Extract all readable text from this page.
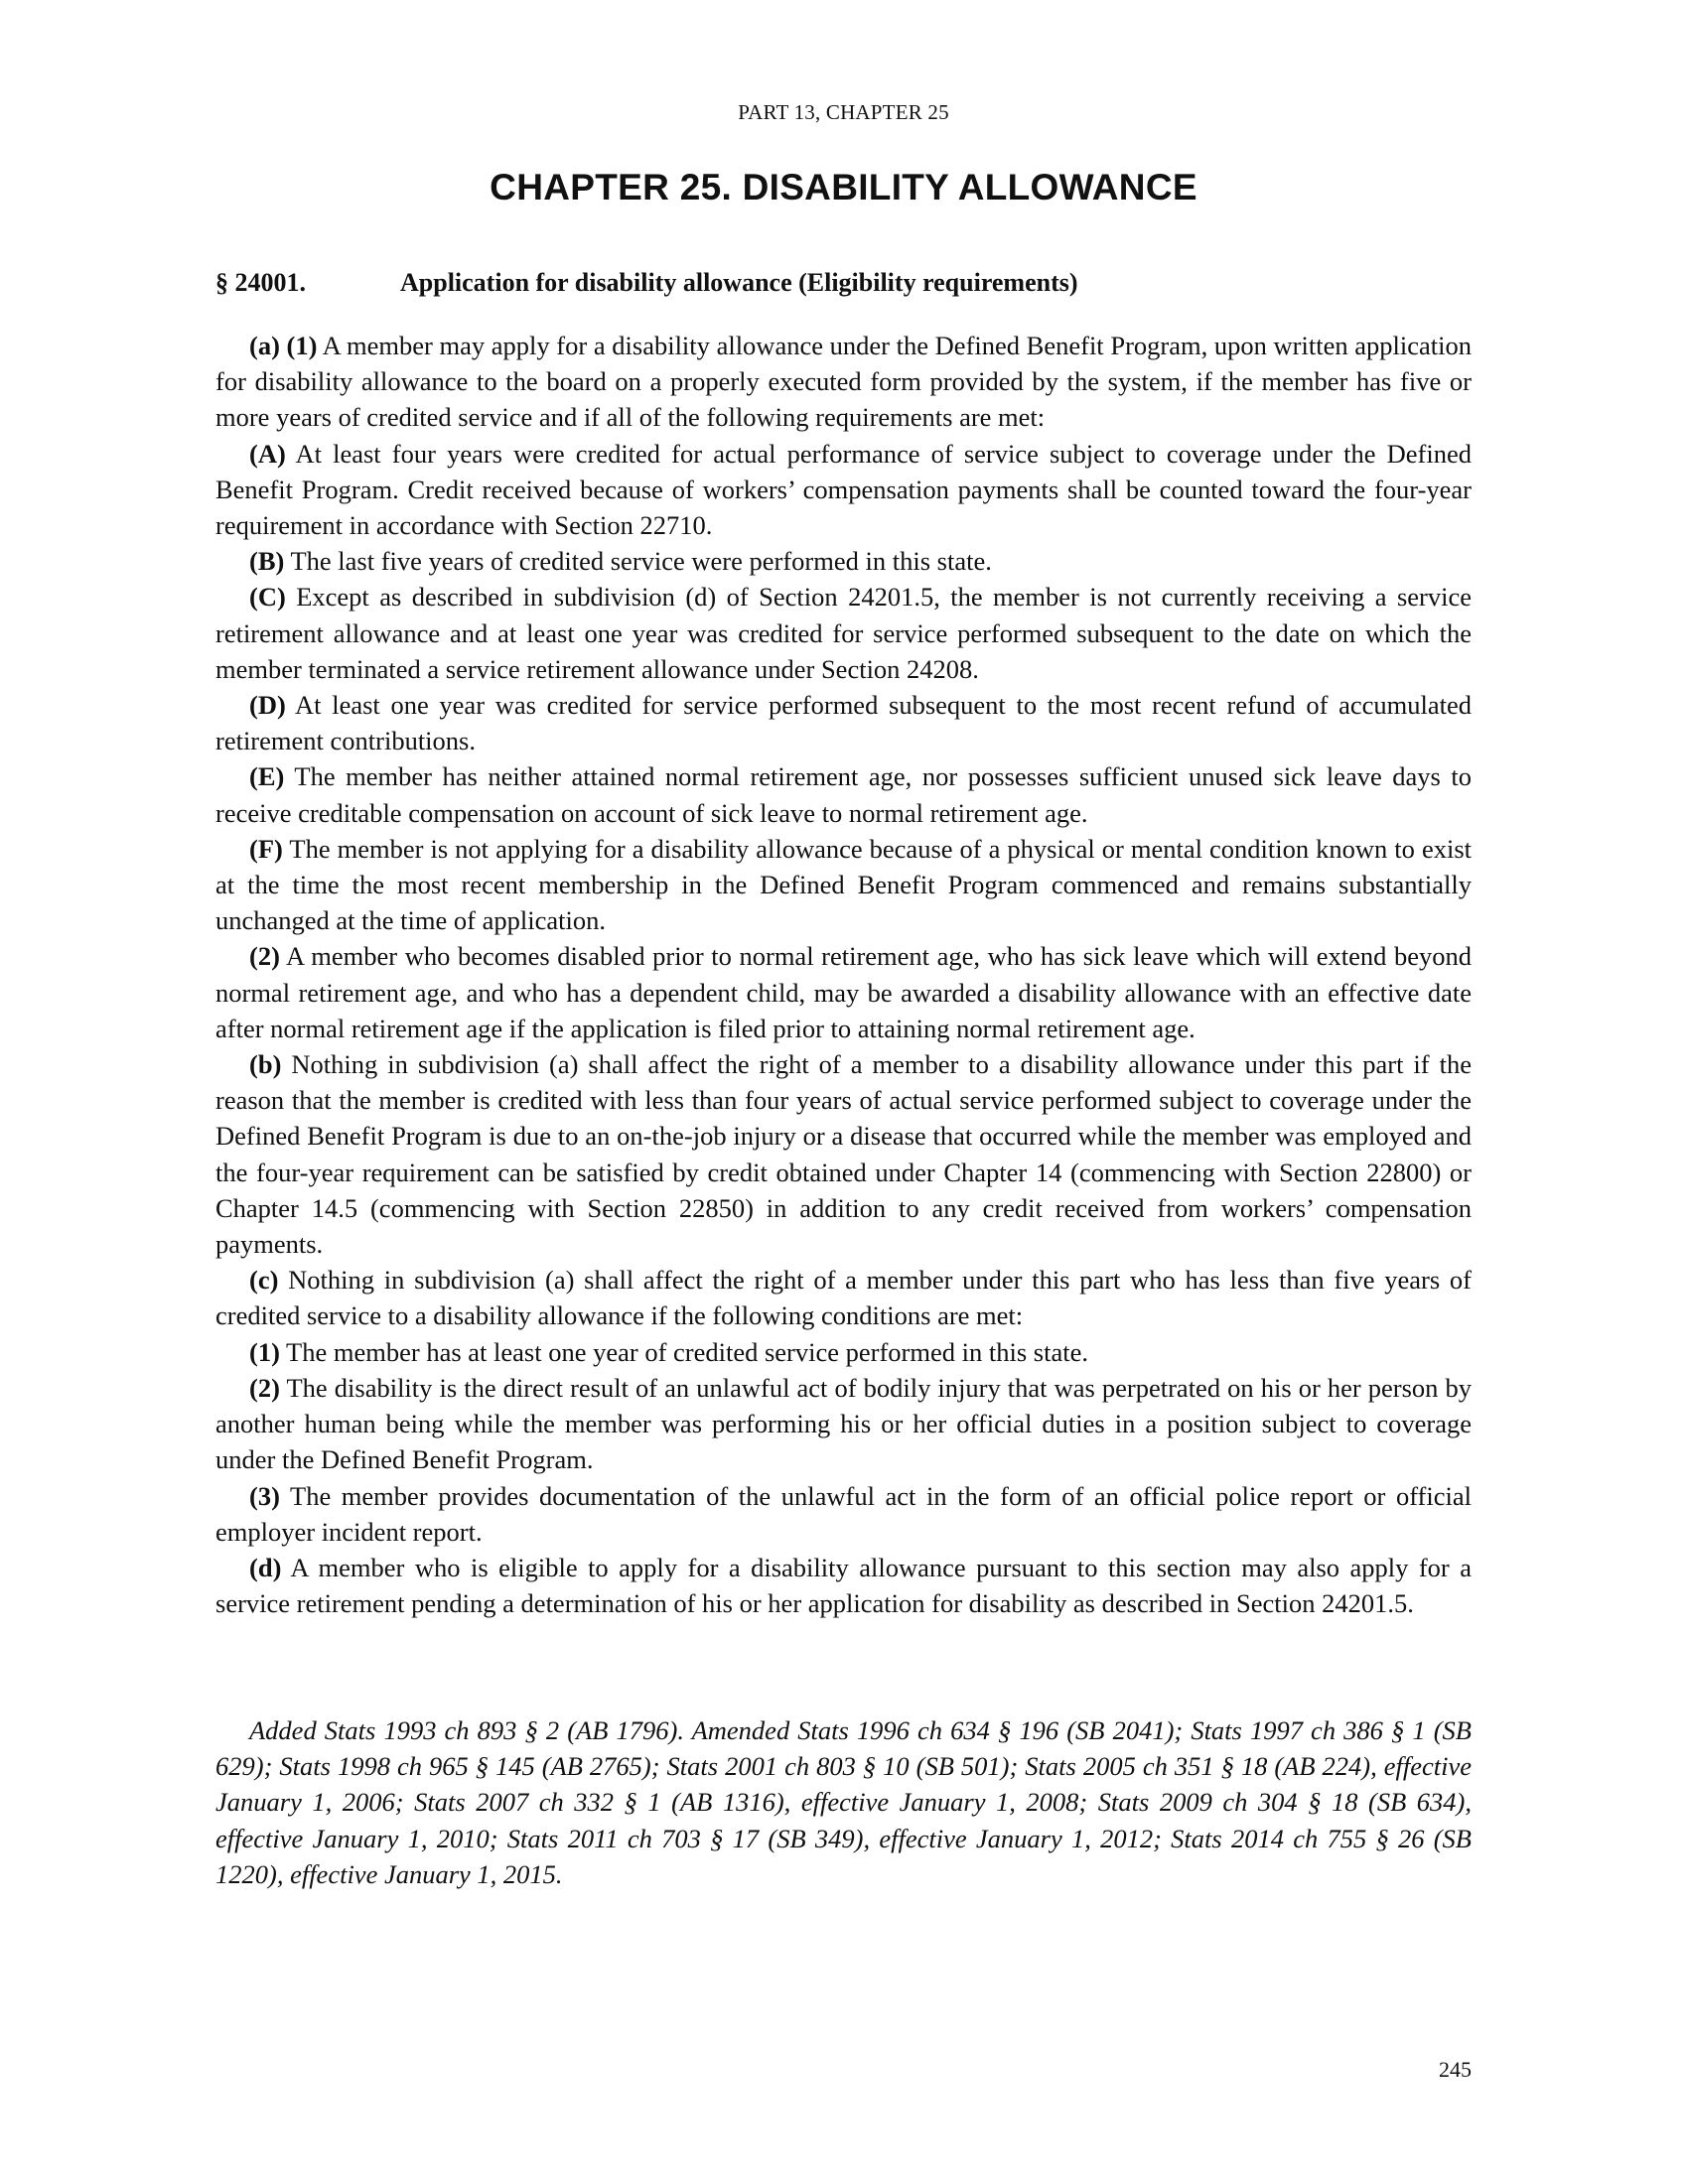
PART 13, CHAPTER 25
CHAPTER 25. DISABILITY ALLOWANCE
§ 24001.	Application for disability allowance (Eligibility requirements)

(a) (1) A member may apply for a disability allowance under the Defined Benefit Program, upon written application for disability allowance to the board on a properly executed form provided by the system, if the member has five or more years of credited service and if all of the following requirements are met:

(A) At least four years were credited for actual performance of service subject to coverage under the Defined Benefit Program. Credit received because of workers’ compensation payments shall be counted toward the four-year requirement in accordance with Section 22710.

(B) The last five years of credited service were performed in this state.

(C) Except as described in subdivision (d) of Section 24201.5, the member is not currently receiving a service retirement allowance and at least one year was credited for service performed subsequent to the date on which the member terminated a service retirement allowance under Section 24208.

(D) At least one year was credited for service performed subsequent to the most recent refund of accumulated retirement contributions.

(E) The member has neither attained normal retirement age, nor possesses sufficient unused sick leave days to receive creditable compensation on account of sick leave to normal retirement age.

(F) The member is not applying for a disability allowance because of a physical or mental condition known to exist at the time the most recent membership in the Defined Benefit Program commenced and remains substantially unchanged at the time of application.

(2) A member who becomes disabled prior to normal retirement age, who has sick leave which will extend beyond normal retirement age, and who has a dependent child, may be awarded a disability allowance with an effective date after normal retirement age if the application is filed prior to attaining normal retirement age.

(b) Nothing in subdivision (a) shall affect the right of a member to a disability allowance under this part if the reason that the member is credited with less than four years of actual service performed subject to coverage under the Defined Benefit Program is due to an on-the-job injury or a disease that occurred while the member was employed and the four-year requirement can be satisfied by credit obtained under Chapter 14 (commencing with Section 22800) or Chapter 14.5 (commencing with Section 22850) in addition to any credit received from workers’ compensation payments.

(c) Nothing in subdivision (a) shall affect the right of a member under this part who has less than five years of credited service to a disability allowance if the following conditions are met:

(1) The member has at least one year of credited service performed in this state.

(2) The disability is the direct result of an unlawful act of bodily injury that was perpetrated on his or her person by another human being while the member was performing his or her official duties in a position subject to coverage under the Defined Benefit Program.

(3) The member provides documentation of the unlawful act in the form of an official police report or official employer incident report.

(d) A member who is eligible to apply for a disability allowance pursuant to this section may also apply for a service retirement pending a determination of his or her application for disability as described in Section 24201.5.

Added Stats 1993 ch 893 § 2 (AB 1796). Amended Stats 1996 ch 634 § 196 (SB 2041); Stats 1997 ch 386 § 1 (SB 629); Stats 1998 ch 965 § 145 (AB 2765); Stats 2001 ch 803 § 10 (SB 501); Stats 2005 ch 351 § 18 (AB 224), effective January 1, 2006; Stats 2007 ch 332 § 1 (AB 1316), effective January 1, 2008; Stats 2009 ch 304 § 18 (SB 634), effective January 1, 2010; Stats 2011 ch 703 § 17 (SB 349), effective January 1, 2012; Stats 2014 ch 755 § 26 (SB 1220), effective January 1, 2015.

245
